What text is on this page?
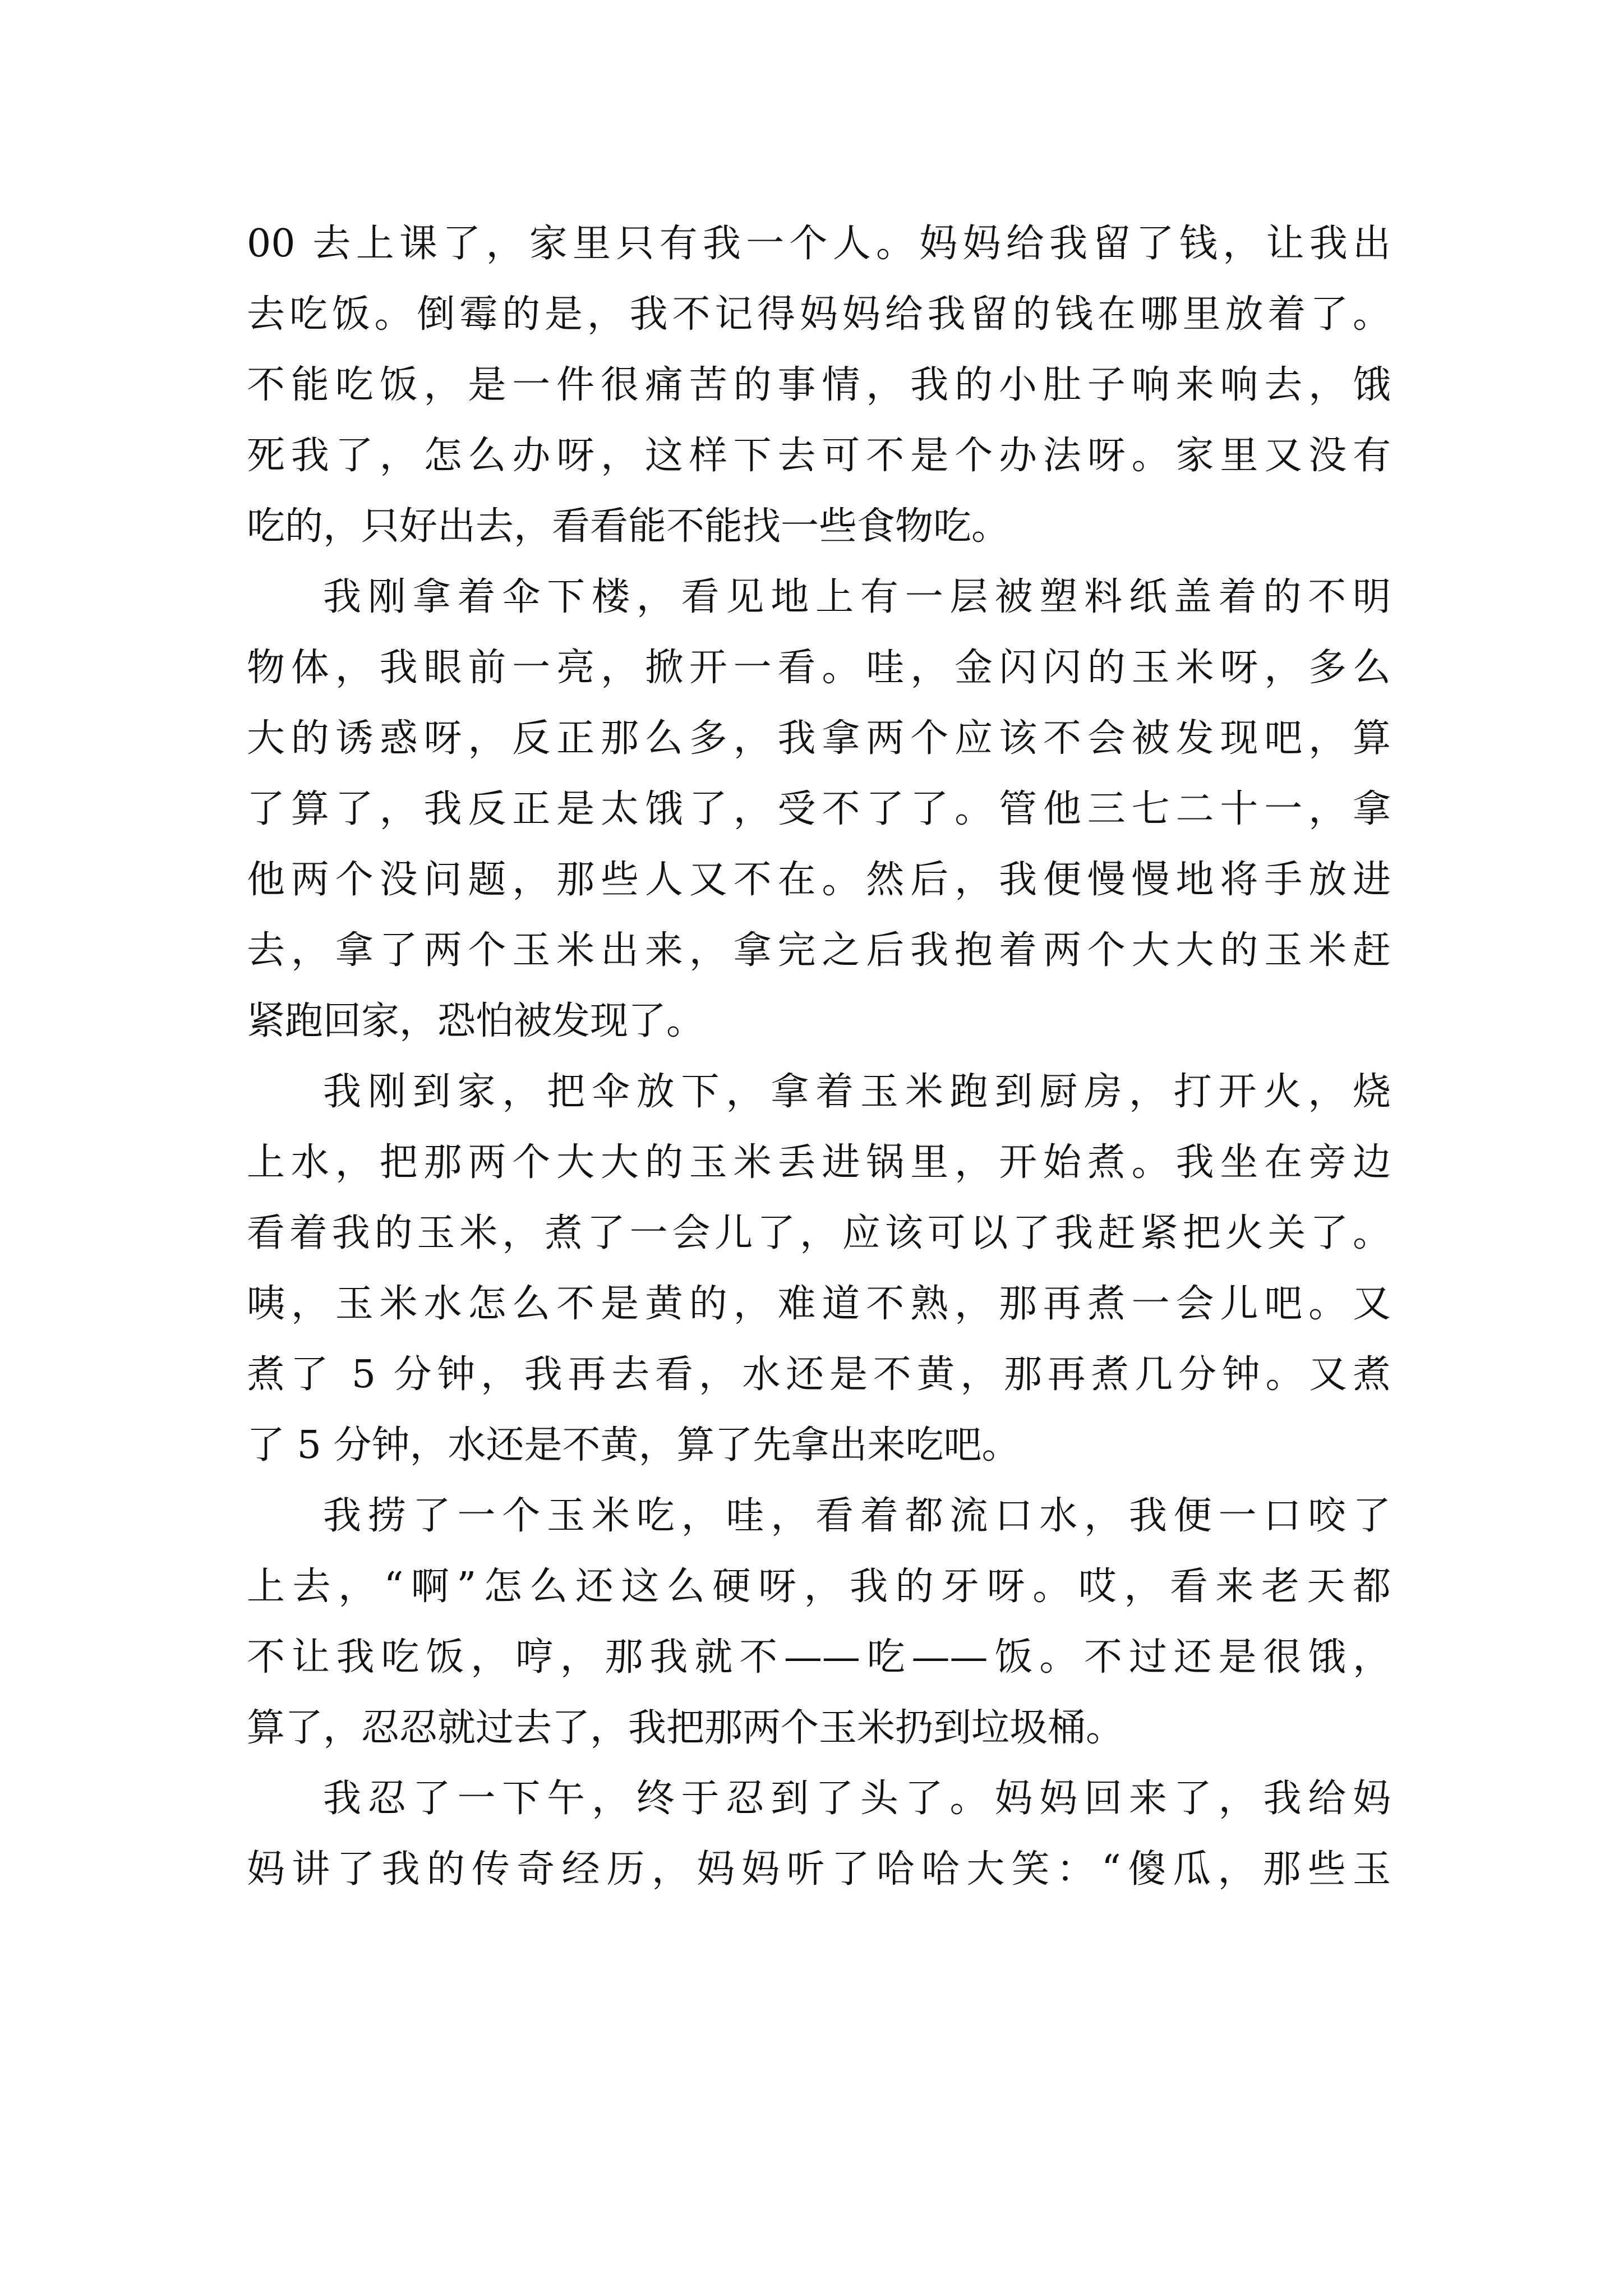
00 去上课了，家里只有我一个人。妈妈给我留了钱，让我出
去吃饭。倒霉的是，我不记得妈妈给我留的钱在哪里放着了。
不能吃饭，是一件很痛苦的事情，我的小肚子响来响去，饿
死我了，怎么办呀，这样下去可不是个办法呀。家里又没有
吃的，只好出去，看看能不能找一些食物吃。
我刚拿着伞下楼，看见地上有一层被塑料纸盖着的不明
物体，我眼前一亮，掀开一看。哇，金闪闪的玉米呀，多么
大的诱惑呀，反正那么多，我拿两个应该不会被发现吧，算
了算了，我反正是太饿了，受不了了。管他三七二十一，拿
他两个没问题，那些人又不在。然后，我便慢慢地将手放进
去，拿了两个玉米出来，拿完之后我抱着两个大大的玉米赶
紧跑回家，恐怕被发现了。
我刚到家，把伞放下，拿着玉米跑到厨房，打开火，烧
上水，把那两个大大的玉米丢进锅里，开始煮。我坐在旁边
看着我的玉米，煮了一会儿了，应该可以了我赶紧把火关了。
咦，玉米水怎么不是黄的，难道不熟，那再煮一会儿吧。又
煮了 5 分钟，我再去看，水还是不黄，那再煮几分钟。又煮
了 5 分钟，水还是不黄，算了先拿出来吃吧。
我捞了一个玉米吃，哇，看着都流口水，我便一口咬了
上去，“啊”怎么还这么硬呀，我的牙呀。哎，看来老天都
不让我吃饭，哼，那我就不——吃——饭。不过还是很饿，
算了，忍忍就过去了，我把那两个玉米扔到垃圾桶。
我忍了一下午，终于忍到了头了。妈妈回来了，我给妈
妈讲了我的传奇经历，妈妈听了哈哈大笑：“傻瓜，那些玉
